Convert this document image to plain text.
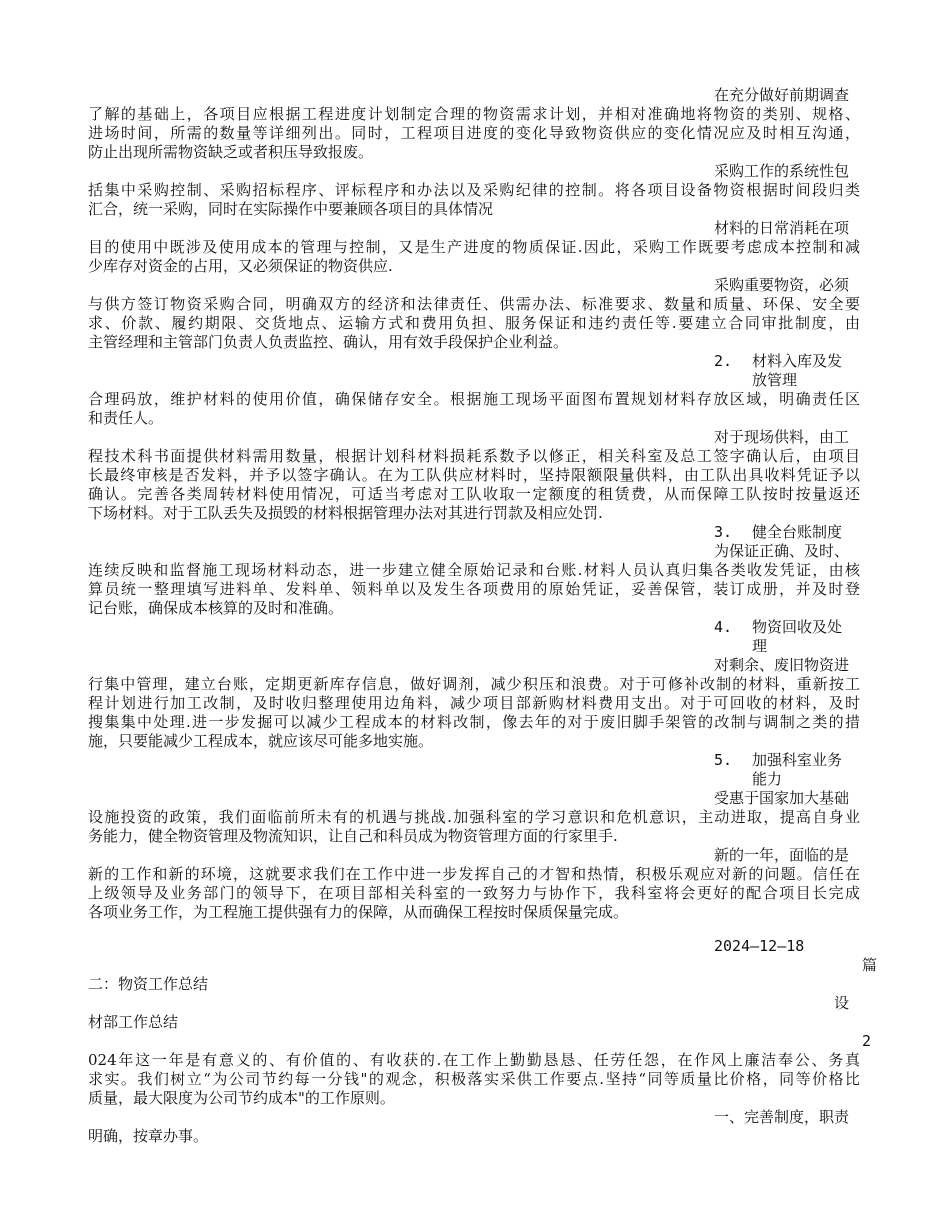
在充分做好前期调查
了解的基础上，各项目应根据工程进度计划制定合理的物资需求计划，并相对准确地将物资的类别、规格、
进场时间，所需的数量等详细列出。同时，工程项目进度的变化导致物资供应的变化情况应及时相互沟通，
防止出现所需物资缺乏或者积压导致报废。
采购工作的系统性包
括集中采购控制、采购招标程序、评标程序和办法以及采购纪律的控制。将各项目设备物资根据时间段归类
汇合，统一采购，同时在实际操作中要兼顾各项目的具体情况
材料的日常消耗在项
目的使用中既涉及使用成本的管理与控制，又是生产进度的物质保证.因此，采购工作既要考虑成本控制和减
少库存对资金的占用，又必须保证的物资供应.
采购重要物资，必须
与供方签订物资采购合同，明确双方的经济和法律责任、供需办法、标准要求、数量和质量、环保、安全要
求、价款、履约期限、交货地点、运输方式和费用负担、服务保证和违约责任等.要建立合同审批制度，由
主管经理和主管部门负责人负责监控、确认，用有效手段保护企业利益。
2. 材料入库及发
放管理
合理码放，维护材料的使用价值，确保储存安全。根据施工现场平面图布置规划材料存放区域，明确责任区
和责任人。
对于现场供料，由工
程技术科书面提供材料需用数量，根据计划科材料损耗系数予以修正，相关科室及总工签字确认后，由项目
长最终审核是否发料，并予以签字确认。在为工队供应材料时，坚持限额限量供料，由工队出具收料凭证予以
确认。完善各类周转材料使用情况，可适当考虑对工队收取一定额度的租赁费，从而保障工队按时按量返还
下场材料。对于工队丢失及损毁的材料根据管理办法对其进行罚款及相应处罚.
3. 健全台账制度
为保证正确、及时、
连续反映和监督施工现场材料动态，进一步建立健全原始记录和台账.材料人员认真归集各类收发凭证，由核
算员统一整理填写进料单、发料单、领料单以及发生各项费用的原始凭证，妥善保管，装订成册，并及时登
记台账，确保成本核算的及时和准确。
4. 物资回收及处
理
对剩余、废旧物资进
行集中管理，建立台账，定期更新库存信息，做好调剂，减少积压和浪费。对于可修补改制的材料，重新按工
程计划进行加工改制，及时收归整理使用边角料，减少项目部新购材料费用支出。对于可回收的材料，及时
搜集集中处理.进一步发掘可以减少工程成本的材料改制，像去年的对于废旧脚手架管的改制与调制之类的措
施，只要能减少工程成本，就应该尽可能多地实施。
5. 加强科室业务
能力
受惠于国家加大基础
设施投资的政策，我们面临前所未有的机遇与挑战.加强科室的学习意识和危机意识，主动进取，提高自身业
务能力，健全物资管理及物流知识，让自己和科员成为物资管理方面的行家里手.
新的一年，面临的是
新的工作和新的环境，这就要求我们在工作中进一步发挥自己的才智和热情，积极乐观应对新的问题。信任在
上级领导及业务部门的领导下，在项目部相关科室的一致努力与协作下，我科室将会更好的配合项目长完成
各项业务工作，为工程施工提供强有力的保障，从而确保工程按时保质保量完成。
2024—12—18
篇
二：物资工作总结
设
材部工作总结
2
024年这一年是有意义的、有价值的、有收获的.在工作上勤勤恳恳、任劳任怨，在作风上廉洁奉公、务真
求实。我们树立“为公司节约每一分钱"的观念，积极落实采供工作要点.坚持“同等质量比价格，同等价格比
质量，最大限度为公司节约成本"的工作原则。
一、完善制度，职责
明确，按章办事。
